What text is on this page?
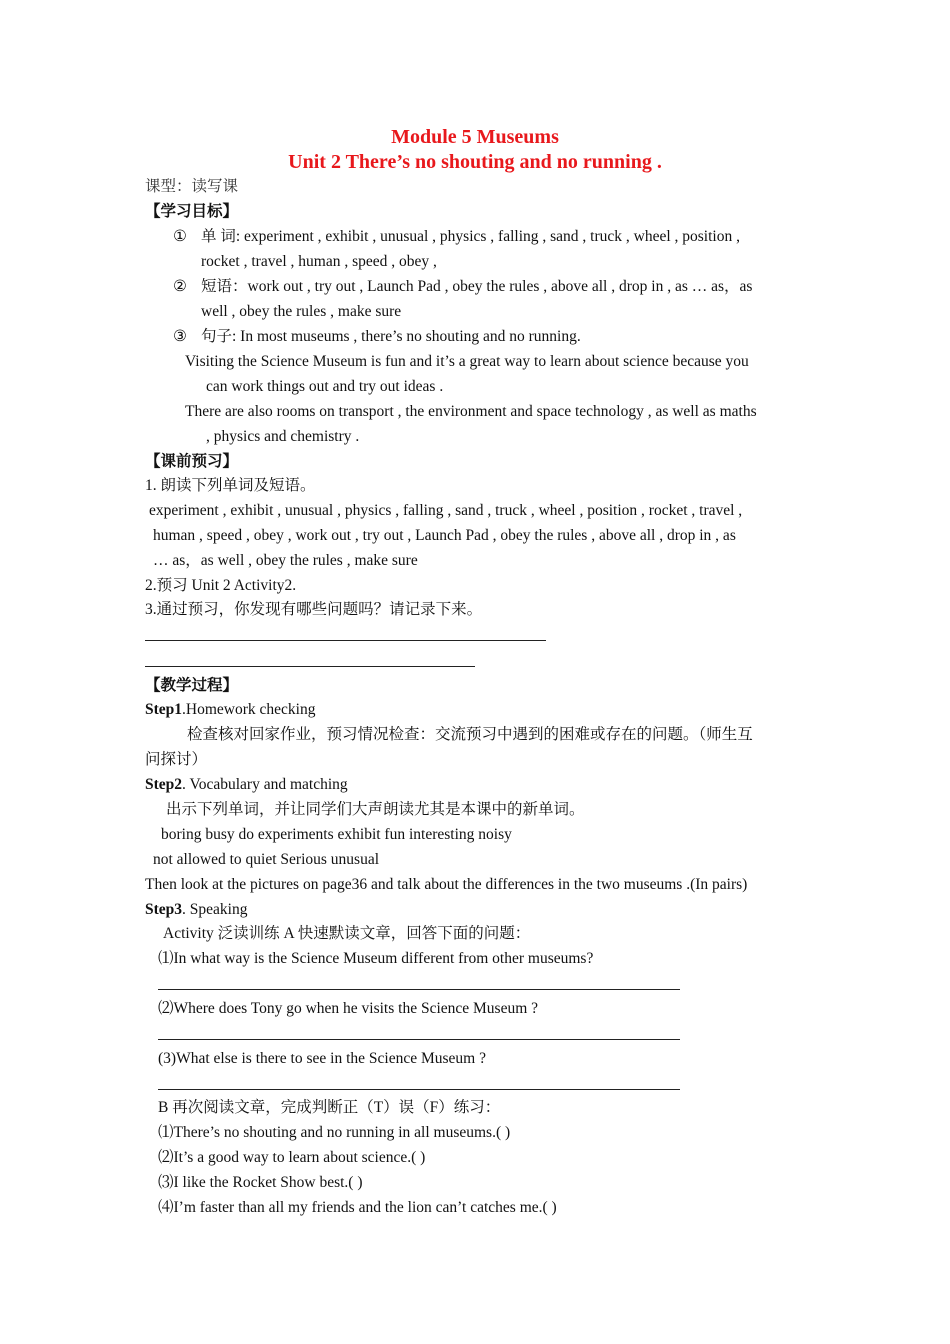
Module 5 Museums
Unit 2 There’s no shouting and no running .
课型：读写课
【学习目标】
① 单 词: experiment , exhibit , unusual , physics , falling , sand , truck , wheel , position ,
rocket , travel , human , speed , obey ,
② 短语：work out , try out , Launch Pad , obey the rules , above all , drop in , as … as，as
well , obey the rules , make sure
③ 句子: In most museums , there’s no shouting and no running.
Visiting the Science Museum is fun and it’s a great way to learn about science because you
can work things out and try out ideas .
There are also rooms on transport , the environment and space technology , as well as maths
, physics and chemistry .
【课前预习】
1. 朗读下列单词及短语。
experiment , exhibit , unusual , physics , falling , sand , truck , wheel , position , rocket , travel ,
human , speed , obey , work out , try out , Launch Pad , obey the rules , above all , drop in , as
… as，as well , obey the rules , make sure
2.预习 Unit 2 Activity2.
3.通过预习，你发现有哪些问题吗？请记录下来。
【教学过程】
Step1.Homework checking
检查核对回家作业，预习情况检查：交流预习中遇到的困难或存在的问题。（师生互
问探讨）
Step2. Vocabulary and matching
出示下列单词，并让同学们大声朗读尤其是本课中的新单词。
boring busy do experiments exhibit fun interesting noisy
not allowed to quiet Serious unusual
Then look at the pictures on page36 and talk about the differences in the two museums .(In pairs)
Step3. Speaking
Activity 泛读训练 A 快速默读文章，回答下面的问题：
⑴In what way is the Science Museum different from other museums?
⑵Where does Tony go when he visits the Science Museum ?
(3)What else is there to see in the Science Museum ?
B 再次阅读文章，完成判断正（T）误（F）练习：
⑴There’s no shouting and no running in all museums.( )
⑵It’s a good way to learn about science.( )
⑶I like the Rocket Show best.( )
⑷I’m faster than all my friends and the lion can’t catches me.( )
